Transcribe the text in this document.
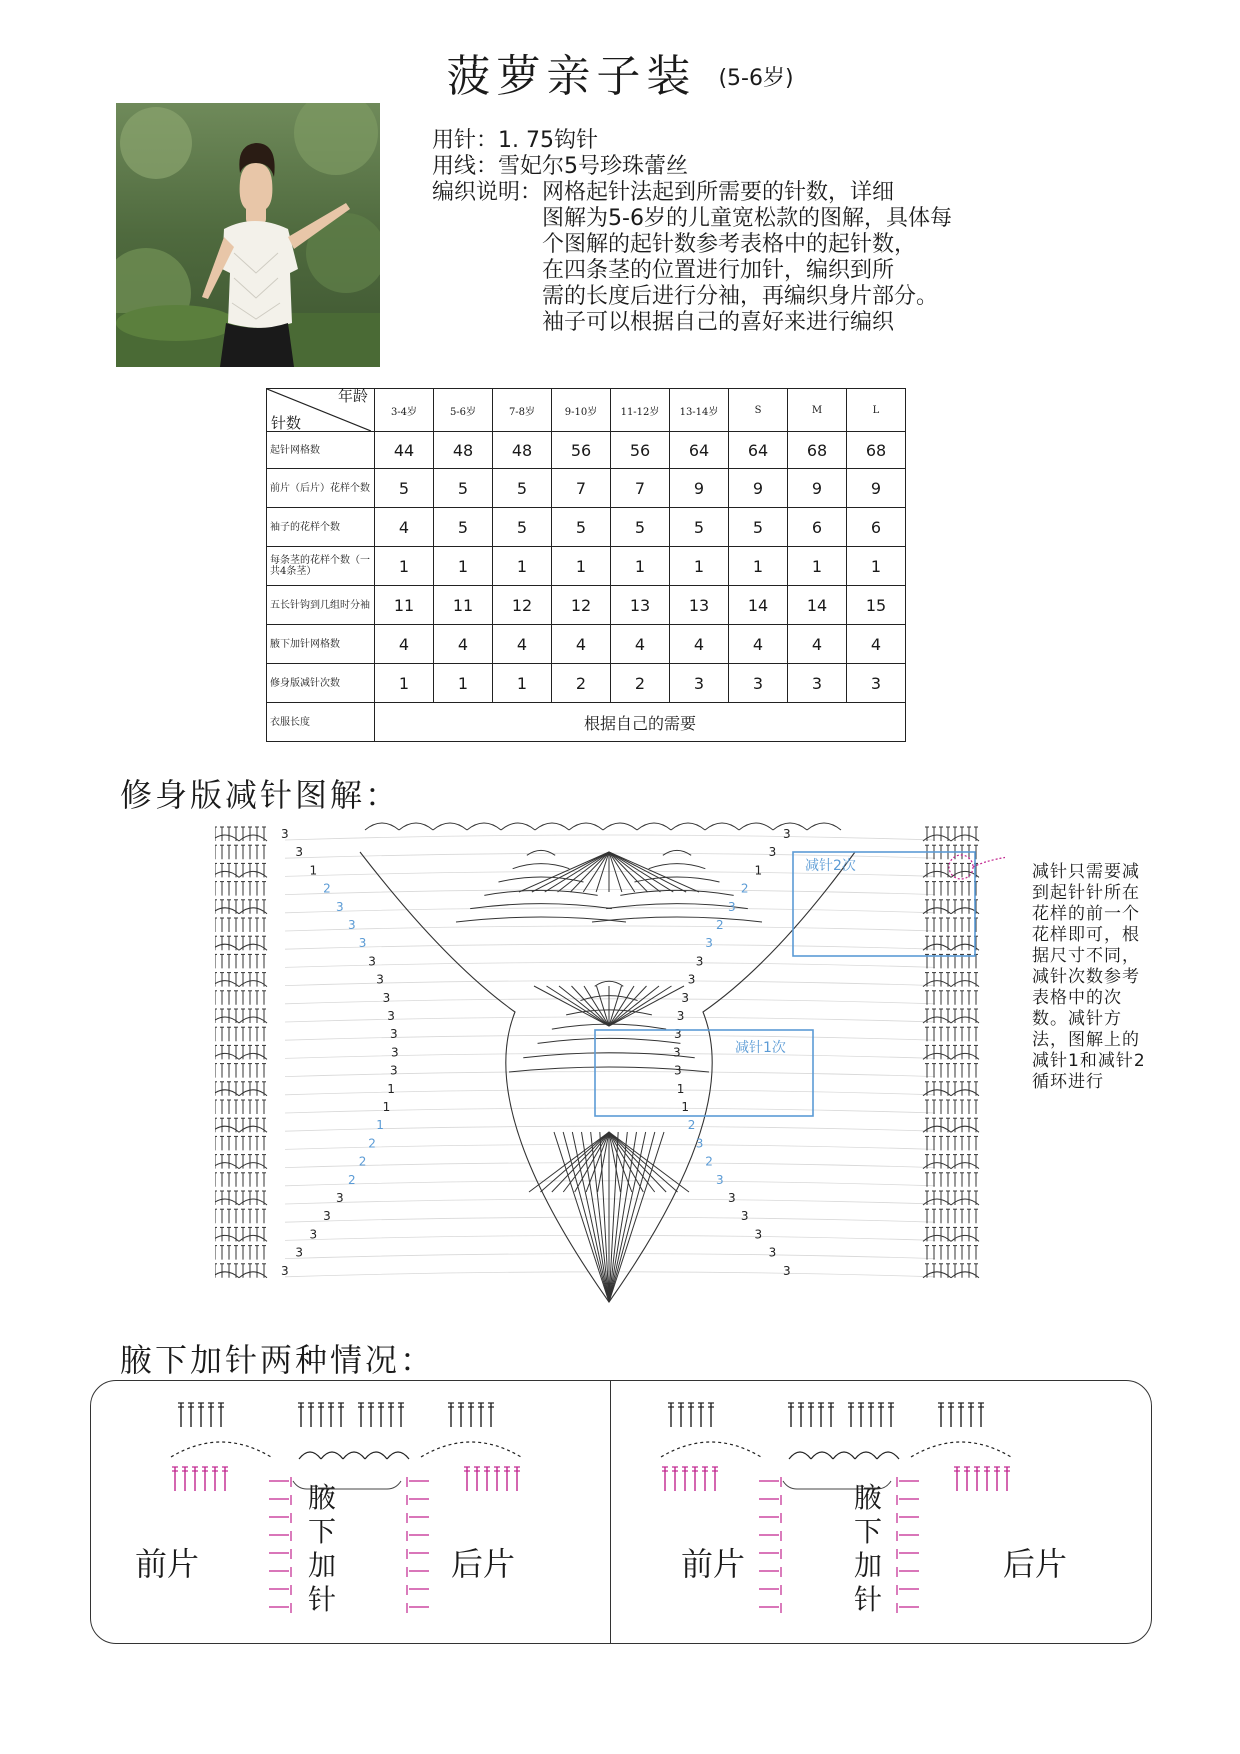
菠萝亲子装 (5-6岁)
用针：1. 75钩针
用线：雪妃尔5号珍珠蕾丝
编织说明： 网格起针法起到所需要的针数，详细
图解为5-6岁的儿童宽松款的图解，具体每
个图解的起针数参考表格中的起针数，
在四条茎的位置进行加针，编织到所
需的长度后进行分袖，再编织身片部分。
袖子可以根据自己的喜好来进行编织
年龄
针数	3-4岁	5-6岁	7-8岁	9-10岁	11-12岁	13-14岁	S	M	L
起针网格数	44	48	48	56	56	64	64	68	68
前片（后片）花样个数	5	5	5	7	7	9	9	9	9
袖子的花样个数	4	5	5	5	5	5	5	6	6
每条茎的花样个数（一共4条茎）	1	1	1	1	1	1	1	1	1
五长针钩到几组时分袖	11	11	12	12	13	13	14	14	15
腋下加针网格数	4	4	4	4	4	4	4	4	4
修身版减针次数	1	1	1	2	2	3	3	3	3
衣服长度	根据自己的需要								
修身版减针图解：
3
3
1
2
3
3
3
3
3
3
3
3
3
3
1
1
1
2
2
2
3
3
3
3
3
3
3
1
2
3
2
3
3
3
3
3
3
3
3
1
1
2
3
2
3
3
3
3
3
3
减针2次
减针1次
减针只需要减到起针针所在花样的前一个花样即可，根据尺寸不同，减针次数参考表格中的次数。减针方法，图解上的减针1和减针2循环进行
腋下加针两种情况：
前片	后片
腋
下
加
针
前片	后片
腋
下
加
针
